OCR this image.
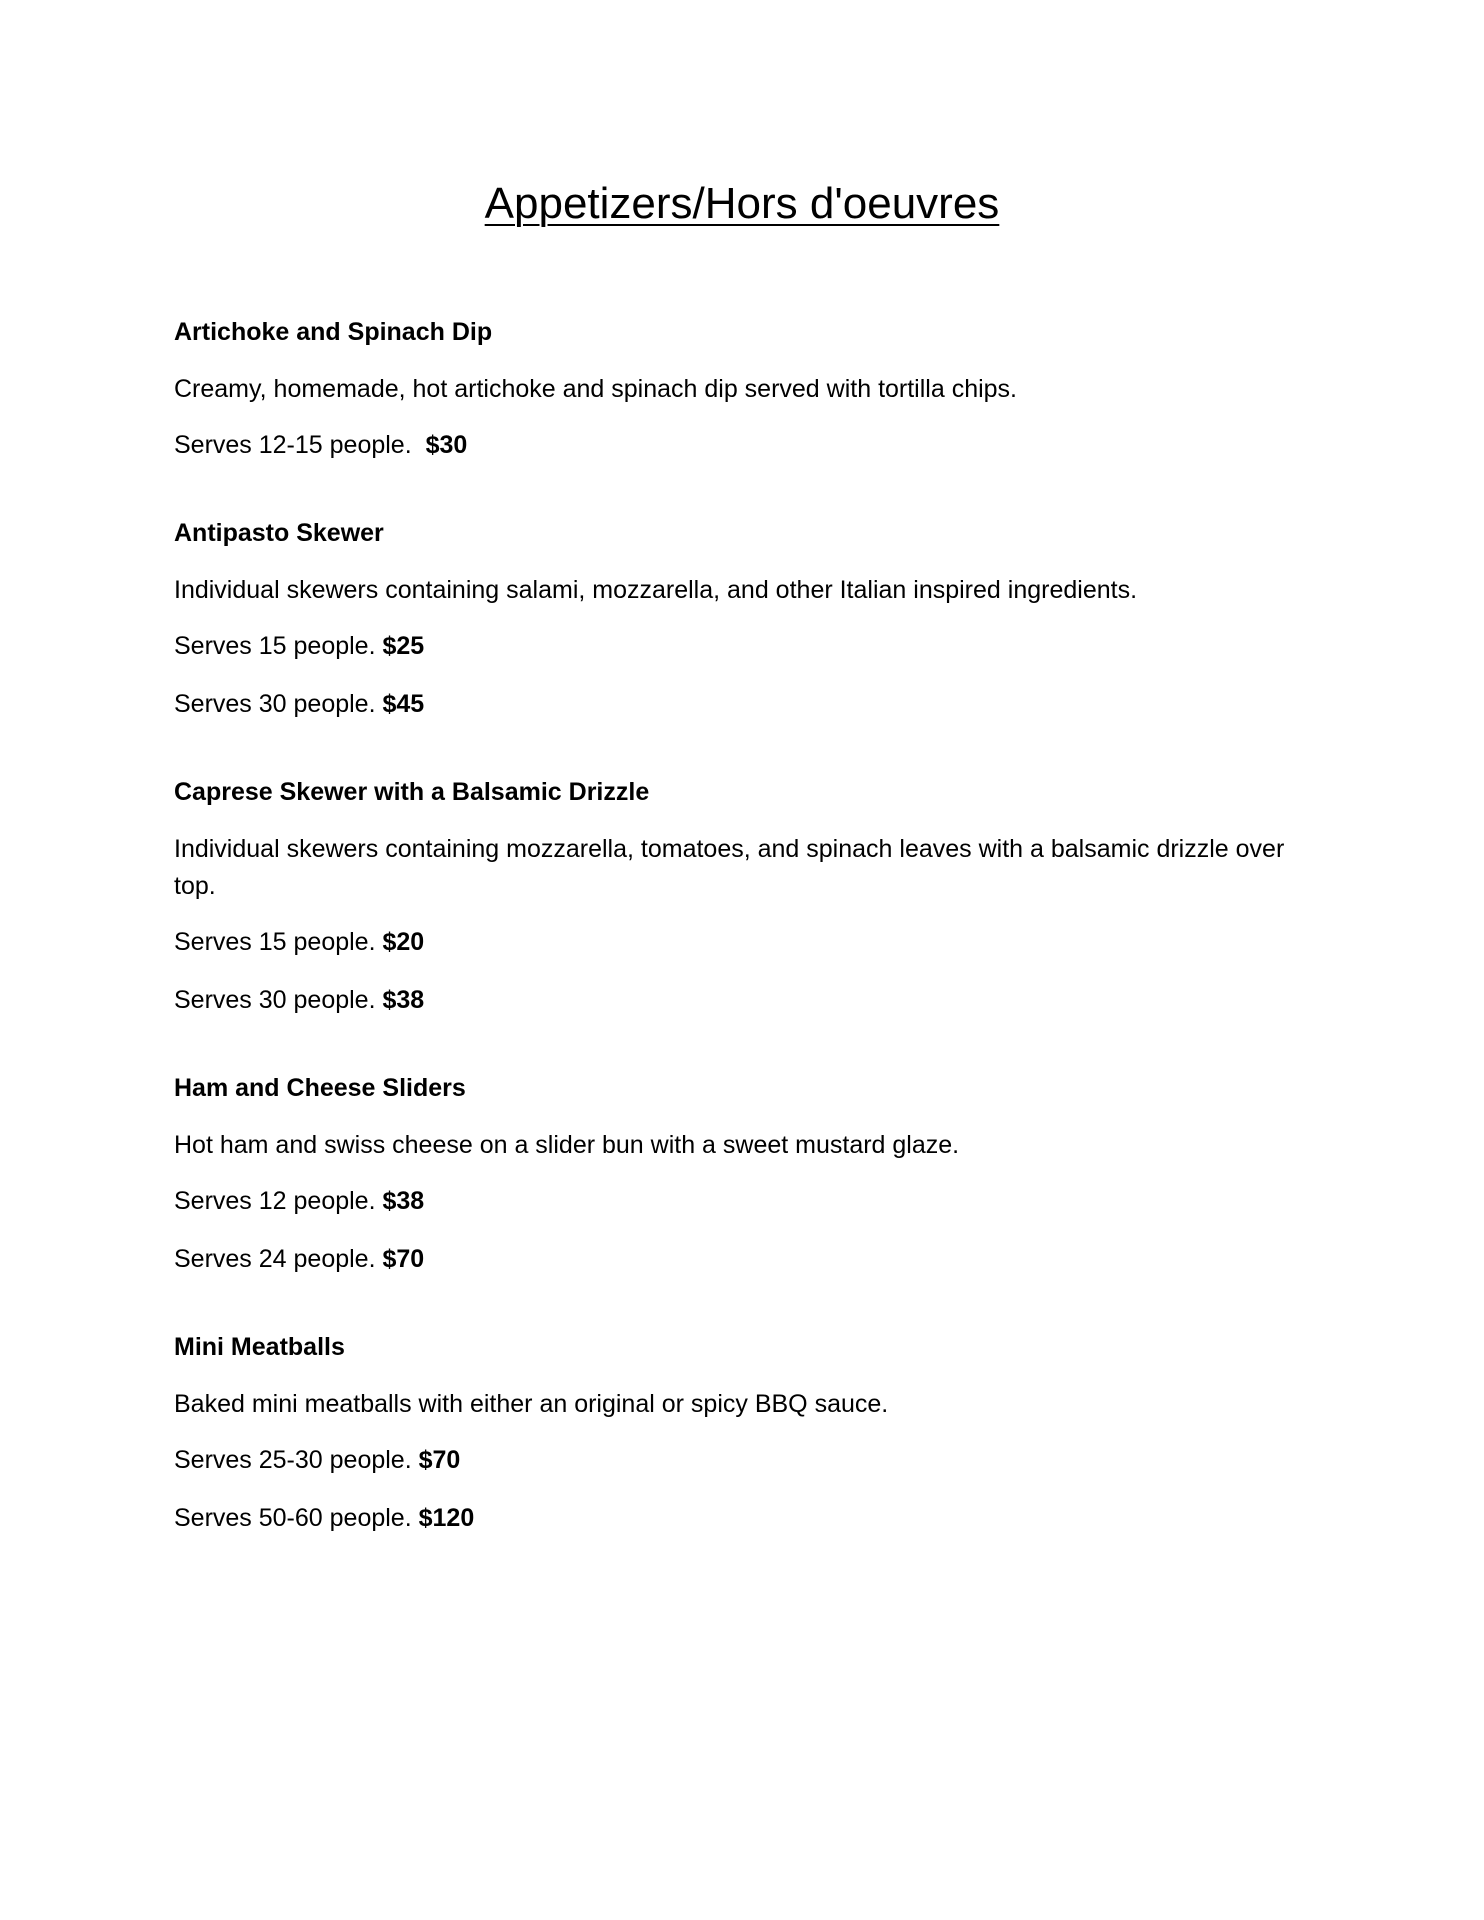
Appetizers/Hors d'oeuvres
Artichoke and Spinach Dip
Creamy, homemade, hot artichoke and spinach dip served with tortilla chips.
Serves 12-15 people.  $30
Antipasto Skewer
Individual skewers containing salami, mozzarella, and other Italian inspired ingredients.
Serves 15 people. $25
Serves 30 people. $45
Caprese Skewer with a Balsamic Drizzle
Individual skewers containing mozzarella, tomatoes, and spinach leaves with a balsamic drizzle over top.
Serves 15 people. $20
Serves 30 people. $38
Ham and Cheese Sliders
Hot ham and swiss cheese on a slider bun with a sweet mustard glaze.
Serves 12 people. $38
Serves 24 people. $70
Mini Meatballs
Baked mini meatballs with either an original or spicy BBQ sauce.
Serves 25-30 people. $70
Serves 50-60 people. $120
